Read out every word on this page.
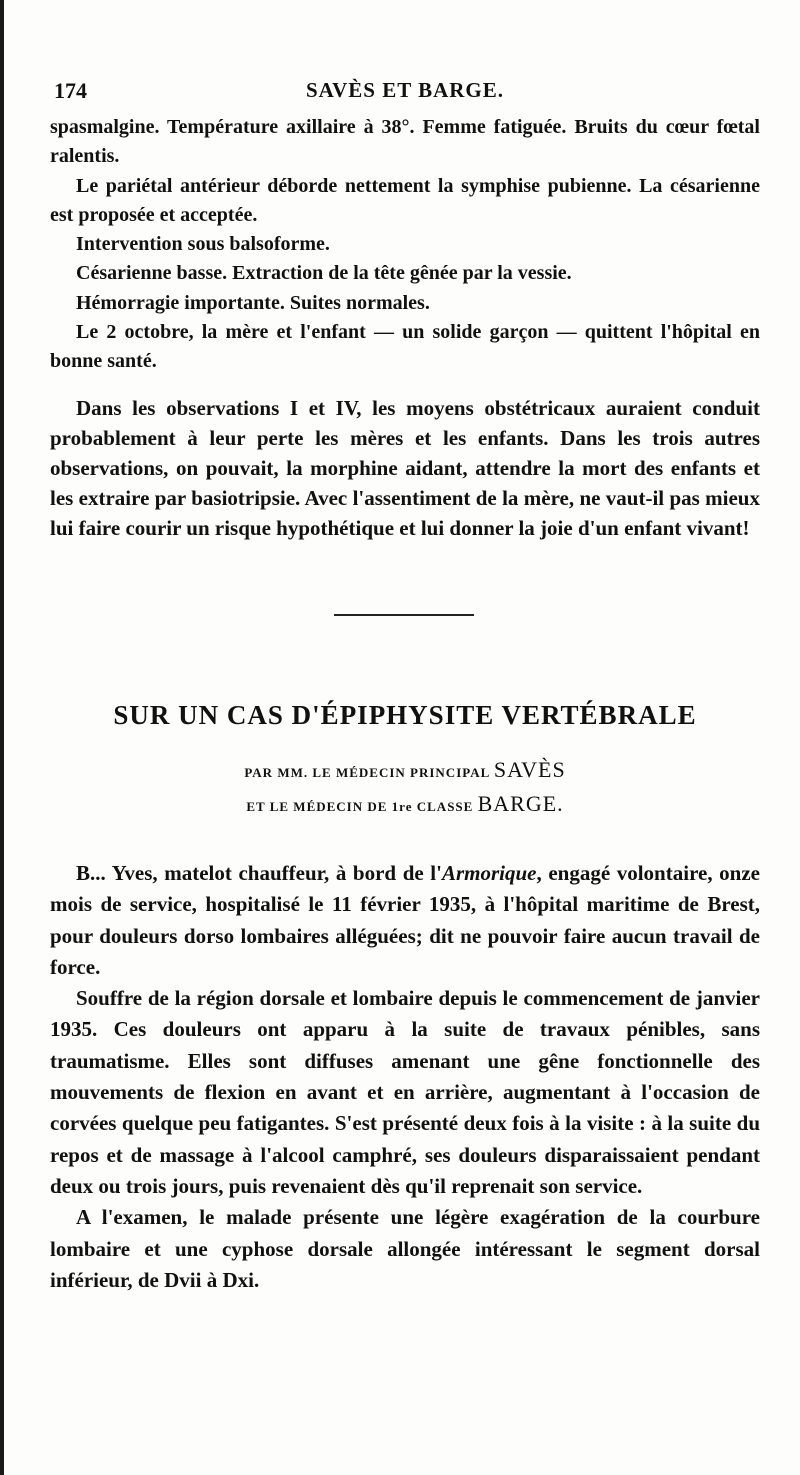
174	SAVÈS ET BARGE.

spasmalgine. Température axillaire à 38°. Femme fatiguée. Bruits du cœur fœtal ralentis.

Le pariétal antérieur déborde nettement la symphise pubienne. La césarienne est proposée et acceptée.

Intervention sous balsoforme.

Césarienne basse. Extraction de la tête gênée par la vessie.

Hémorragie importante. Suites normales.

Le 2 octobre, la mère et l'enfant — un solide garçon — quittent l'hôpital en bonne santé.

Dans les observations I et IV, les moyens obstétricaux auraient conduit probablement à leur perte les mères et les enfants. Dans les trois autres observations, on pouvait, la morphine aidant, attendre la mort des enfants et les extraire par basiotripsie. Avec l'assentiment de la mère, ne vaut-il pas mieux lui faire courir un risque hypothétique et lui donner la joie d'un enfant vivant!

SUR UN CAS D'ÉPIPHYSITE VERTÉBRALE
PAR MM. LE MÉDECIN PRINCIPAL SAVÈS
ET LE MÉDECIN DE 1re CLASSE BARGE.

B... Yves, matelot chauffeur, à bord de l'Armorique, engagé volontaire, onze mois de service, hospitalisé le 11 février 1935, à l'hôpital maritime de Brest, pour douleurs dorso lombaires alléguées; dit ne pouvoir faire aucun travail de force.

Souffre de la région dorsale et lombaire depuis le commencement de janvier 1935. Ces douleurs ont apparu à la suite de travaux pénibles, sans traumatisme. Elles sont diffuses amenant une gêne fonctionnelle des mouvements de flexion en avant et en arrière, augmentant à l'occasion de corvées quelque peu fatigantes. S'est présenté deux fois à la visite : à la suite du repos et de massage à l'alcool camphré, ses douleurs disparaissaient pendant deux ou trois jours, puis revenaient dès qu'il reprenait son service.

A l'examen, le malade présente une légère exagération de la courbure lombaire et une cyphose dorsale allongée intéressant le segment dorsal inférieur, de Dvii à Dxi.
